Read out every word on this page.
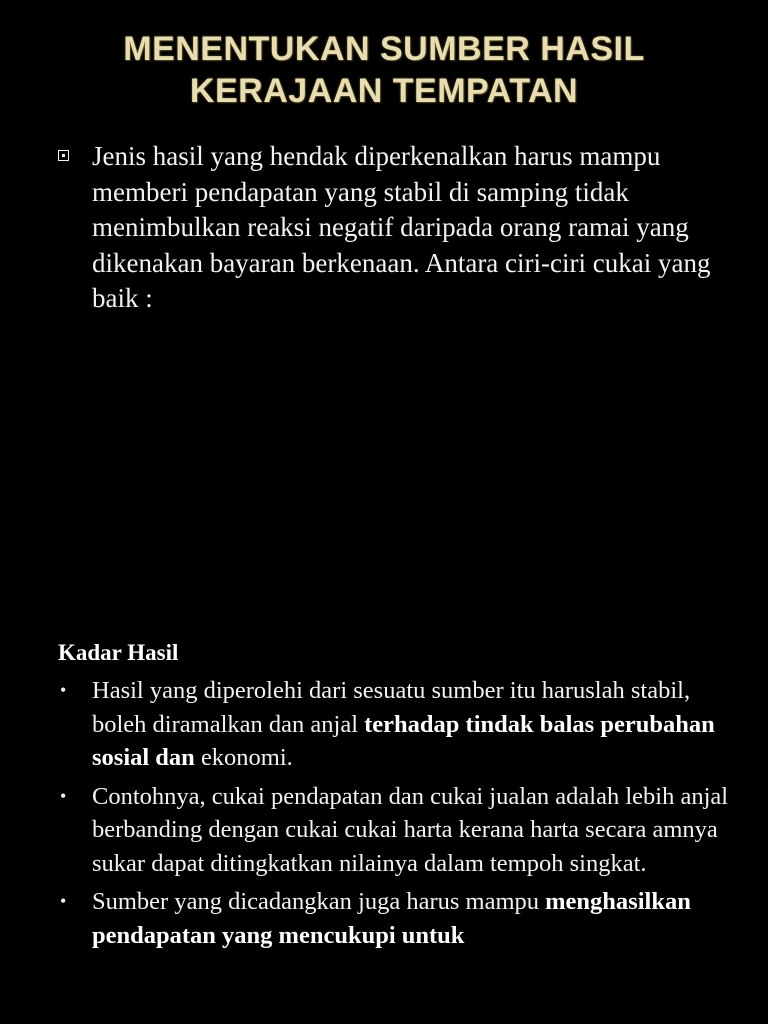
MENENTUKAN SUMBER HASIL
KERAJAAN TEMPATAN
Jenis hasil yang hendak diperkenalkan harus mampu memberi pendapatan yang stabil di samping tidak menimbulkan reaksi negatif daripada orang ramai yang dikenakan bayaran berkenaan. Antara ciri-ciri cukai yang baik :
Kadar Hasil
•	Hasil yang diperolehi dari sesuatu sumber itu haruslah stabil, boleh diramalkan dan anjal terhadap tindak balas perubahan sosial dan ekonomi.
•	Contohnya, cukai pendapatan dan cukai jualan adalah lebih anjal berbanding dengan cukai cukai harta kerana harta secara amnya sukar dapat ditingkatkan nilainya dalam tempoh singkat.
•	Sumber yang dicadangkan juga harus mampu menghasilkan pendapatan yang mencukupi untuk
